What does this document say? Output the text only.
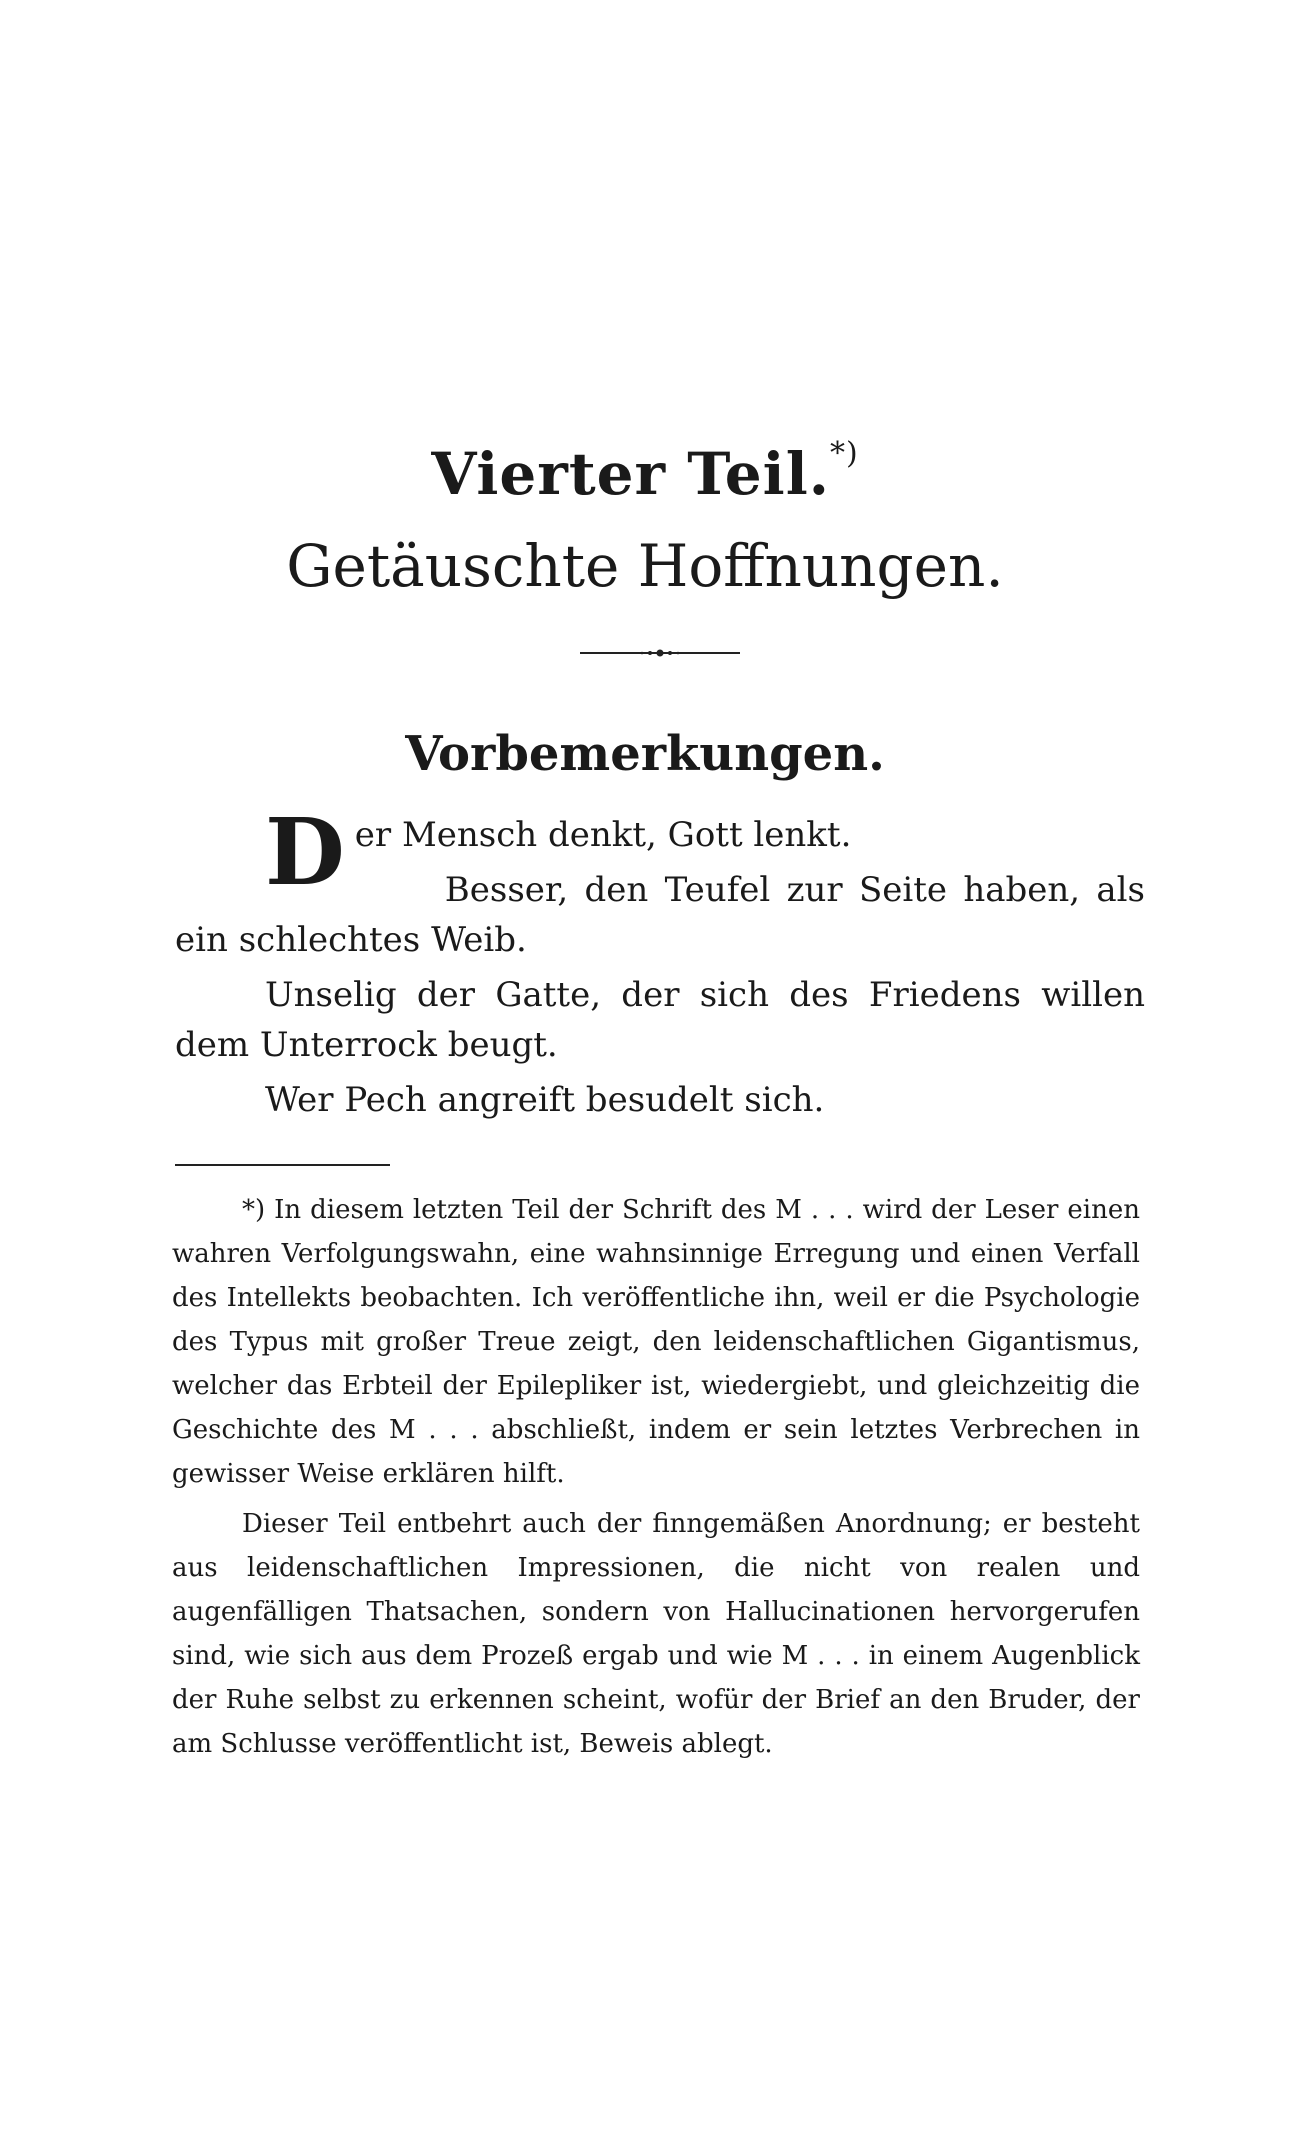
Vierter Teil.*)
Getäuschte Hoffnungen.
Vorbemerkungen.

Der Mensch denkt, Gott lenkt.

Besser, den Teufel zur Seite haben, als ein schlechtes Weib.

Unselig der Gatte, der sich des Friedens willen dem Unterrock beugt.

Wer Pech angreift besudelt sich.

*) In diesem letzten Teil der Schrift des M . . . wird der Leser einen wahren Verfolgungswahn, eine wahnsinnige Erregung und einen Verfall des Intellekts beobachten. Ich veröffentliche ihn, weil er die Psychologie des Typus mit großer Treue zeigt, den leidenschaftlichen Gigantismus, welcher das Erbteil der Epilepliker ist, wiedergiebt, und gleichzeitig die Geschichte des M . . . abschließt, indem er sein letztes Verbrechen in gewisser Weise erklären hilft.

Dieser Teil entbehrt auch der finngemäßen Anordnung; er besteht aus leidenschaftlichen Impressionen, die nicht von realen und augenfälligen Thatsachen, sondern von Hallucinationen hervorgerufen sind, wie sich aus dem Prozeß ergab und wie M . . . in einem Augenblick der Ruhe selbst zu erkennen scheint, wofür der Brief an den Bruder, der am Schlusse veröffentlicht ist, Beweis ablegt.
